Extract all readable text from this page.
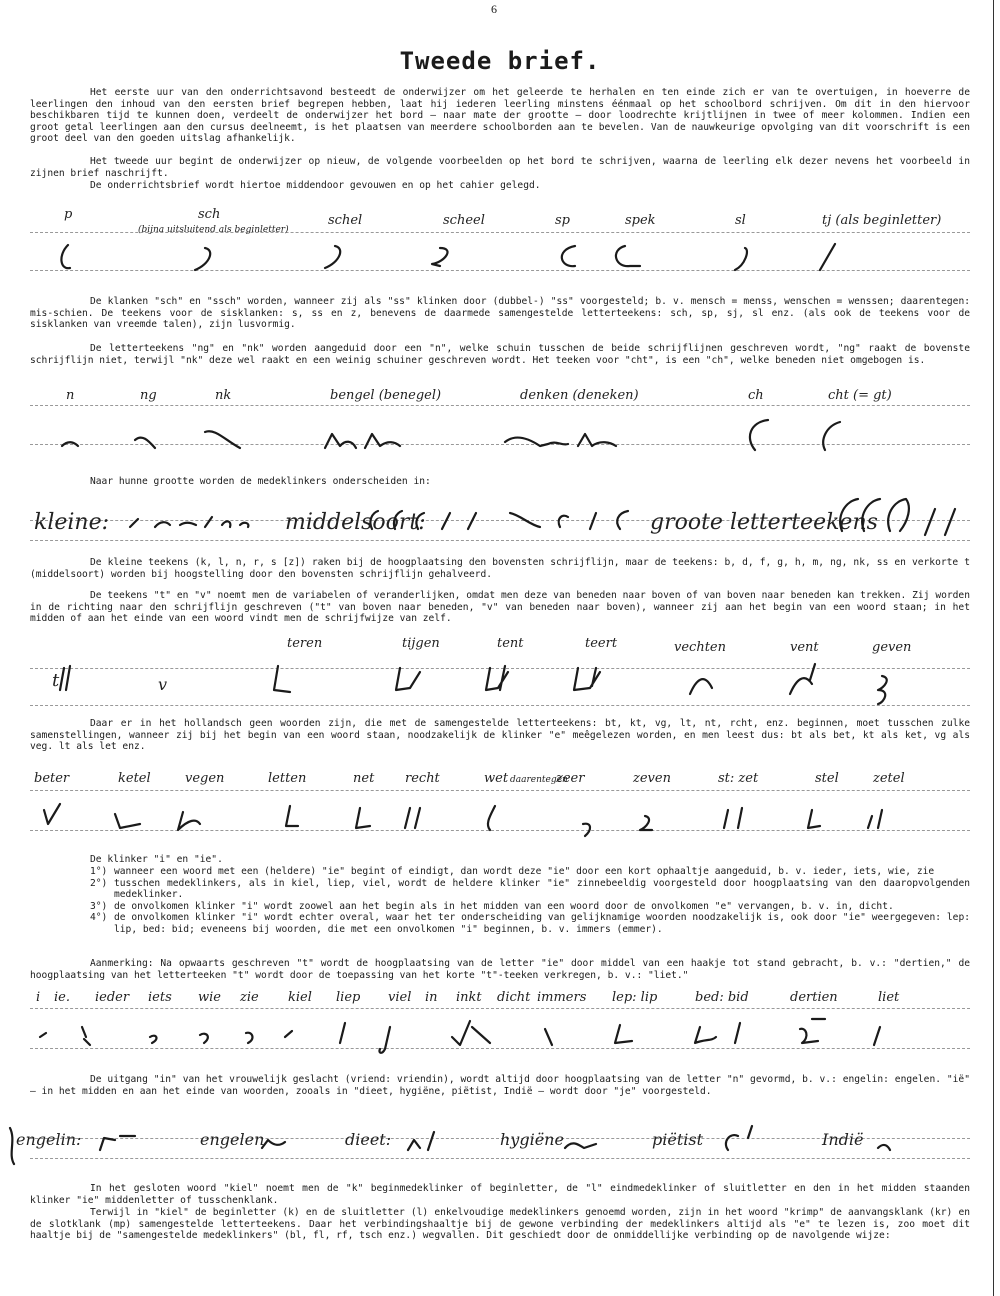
6
Tweede brief.

Het eerste uur van den onderrichtsavond besteedt de onderwijzer om het geleerde te herhalen en ten einde zich er van te overtuigen, in hoeverre de leerlingen den inhoud van den eersten brief begrepen hebben, laat hij iederen leerling minstens éénmaal op het schoolbord schrijven. Om dit in den hiervoor beschikbaren tijd te kunnen doen, verdeelt de onderwijzer het bord — naar mate der grootte — door loodrechte krijtlijnen in twee of meer kolommen. Indien een groot getal leerlingen aan den cursus deelneemt, is het plaatsen van meerdere schoolborden aan te bevelen. Van de nauwkeurige opvolging van dit voorschrift is een groot deel van den goeden uitslag afhankelijk.

Het tweede uur begint de onderwijzer op nieuw, de volgende voorbeelden op het bord te schrijven, waarna de leerling elk dezer nevens het voorbeeld in zijnen brief naschrijft.

De onderrichtsbrief wordt hiertoe middendoor gevouwen en op het cahier gelegd.

p	sch
(bijna uitsluitend als beginletter)
schel	scheel	sp	spek	sl	tj (als beginletter)

De klanken "sch" en "ssch" worden, wanneer zij als "ss" klinken door (dubbel-) "ss" voorgesteld; b. v. mensch = menss, wenschen = wenssen; daarentegen: mis-schien. De teekens voor de sisklanken: s, ss en z, benevens de daarmede samengestelde letterteekens: sch, sp, sj, sl enz. (als ook de teekens voor de sisklanken van vreemde talen), zijn lusvormig.

De letterteekens "ng" en "nk" worden aangeduid door een "n", welke schuin tusschen de beide schrijflijnen geschreven wordt, "ng" raakt de bovenste schrijflijn niet, terwijl "nk" deze wel raakt en een weinig schuiner geschreven wordt. Het teeken voor "cht", is een "ch", welke beneden niet omgebogen is.

n	ng	nk	bengel (benegel)	denken (deneken)	ch	cht (= gt)

Naar hunne grootte worden de medeklinkers onderscheiden in:

kleine:	middelsoort:	groote letterteekens

De kleine teekens (k, l, n, r, s [z]) raken bij de hoogplaatsing den bovensten schrijflijn, maar de teekens: b, d, f, g, h, m, ng, nk, ss en verkorte t (middelsoort) worden bij hoogstelling door den bovensten schrijflijn gehalveerd.

De teekens "t" en "v" noemt men de variabelen of veranderlijken, omdat men deze van beneden naar boven of van boven naar beneden kan trekken. Zij worden in de richting naar den schrijflijn geschreven ("t" van boven naar beneden, "v" van beneden naar boven), wanneer zij aan het begin van een woord staan; in het midden of aan het einde van een woord vindt men de schrijfwijze van zelf.

teren	tijgen	tent	teert	vechten	vent	geven
t	v

Daar er in het hollandsch geen woorden zijn, die met de samengestelde letterteekens: bt, kt, vg, lt, nt, rcht, enz. beginnen, moet tusschen zulke samenstellingen, wanneer zij bij het begin van een woord staan, noodzakelijk de klinker "e" meêgelezen worden, en men leest dus: bt als bet, kt als ket, vg als veg. lt als let enz.

beter	ketel	vegen	letten	net recht	wet daarentegen
zeer	zeven	st: zet	stel	zetel

De klinker "i" en "ie".

1°) wanneer een woord met een (heldere) "ie" begint of eindigt, dan wordt deze "ie" door een kort ophaaltje aangeduid, b. v. ieder, iets, wie, zie
2°) tusschen medeklinkers, als in kiel, liep, viel, wordt de heldere klinker "ie" zinnebeeldig voorgesteld door hoogplaatsing van den daaropvolgenden medeklinker.
3°) de onvolkomen klinker "i" wordt zoowel aan het begin als in het midden van een woord door de onvolkomen "e" vervangen, b. v. in, dicht.
4°) de onvolkomen klinker "i" wordt echter overal, waar het ter onderscheiding van gelijknamige woorden noodzakelijk is, ook door "ie" weergegeven: lep: lip, bed: bid; eveneens bij woorden, die met een onvolkomen "i" beginnen, b. v. immers (emmer).

Aanmerking: Na opwaarts geschreven "t" wordt de hoogplaatsing van de letter "ie" door middel van een haakje tot stand gebracht, b. v.: "dertien," de hoogplaatsing van het letterteeken "t" wordt door de toepassing van het korte "t"-teeken verkregen, b. v.: "liet."

i ie. ieder iets wie zie kiel liep viel in inkt dicht immers lep: lip	bed: bid	dertien	liet

De uitgang "in" van het vrouwelijk geslacht (vriend: vriendin), wordt altijd door hoogplaatsing van de letter "n" gevormd, b. v.: engelin: engelen. "ië" — in het midden en aan het einde van woorden, zooals in "dieet, hygiëne, piëtist, Indië — wordt door "je" voorgesteld.

engelin:	engelen	dieet:	hygiëne	piëtist	Indië

In het gesloten woord "kiel" noemt men de "k" beginmedeklinker of beginletter, de "l" eindmedeklinker of sluitletter en den in het midden staanden klinker "ie" middenletter of tusschenklank.

Terwijl in "kiel" de beginletter (k) en de sluitletter (l) enkelvoudige medeklinkers genoemd worden, zijn in het woord "krimp" de aanvangsklank (kr) en de slotklank (mp) samengestelde letterteekens. Daar het verbindingshaaltje bij de gewone verbinding der medeklinkers altijd als "e" te lezen is, zoo moet dit haaltje bij de "samengestelde medeklinkers" (bl, fl, rf, tsch enz.) wegvallen. Dit geschiedt door de onmiddellijke verbinding op de navolgende wijze:
